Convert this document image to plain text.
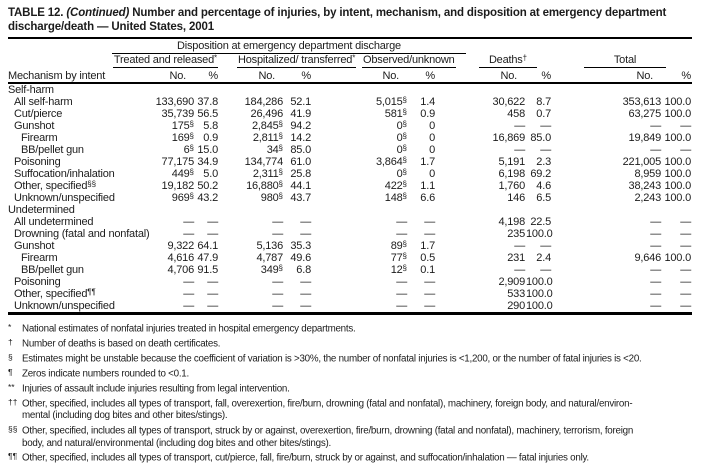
TABLE 12. (Continued) Number and percentage of injuries, by intent, mechanism, and disposition at emergency department
discharge/death — United States, 2001

	Disposition at emergency department discharge									

	Treated and released*		Hospitalized/ transferred*		Observed/unknown		Deaths†		Total	
Mechanism by intent	No.	%	No.	%	No.	%	No.	%	No.	%
Self-harm										
All self-harm	133,690	37.8	184,286	52.1	5,015§	1.4	30,622	8.7	353,613	100.0
Cut/pierce	35,739	56.5	26,496	41.9	581§	0.9	458	0.7	63,275	100.0
Gunshot	175§	5.8	2,845§	94.2	0§	0	—	—	—	—
Firearm	169§	0.9	2,811§	14.2	0§	0	16,869	85.0	19,849	100.0
BB/pellet gun	6§	15.0	34§	85.0	0§	0	—	—	—	—
Poisoning	77,175	34.9	134,774	61.0	3,864§	1.7	5,191	2.3	221,005	100.0
Suffocation/inhalation	449§	5.0	2,311§	25.8	0§	0	6,198	69.2	8,959	100.0
Other, specified§§	19,182	50.2	16,880§	44.1	422§	1.1	1,760	4.6	38,243	100.0
Unknown/unspecified	969§	43.2	980§	43.7	148§	6.6	146	6.5	2,243	100.0
Undetermined										
All undetermined	—	—	—	—	—	—	4,198	22.5	—	—
Drowning (fatal and nonfatal)	—	—	—	—	—	—	235	100.0	—	—
Gunshot	9,322	64.1	5,136	35.3	89§	1.7	—	—	—	—
Firearm	4,616	47.9	4,787	49.6	77§	0.5	231	2.4	9,646	100.0
BB/pellet gun	4,706	91.5	349§	6.8	12§	0.1	—	—	—	—
Poisoning	—	—	—	—	—	—	2,909	100.0	—	—
Other, specified¶¶	—	—	—	—	—	—	533	100.0	—	—
Unknown/unspecified	—	—	—	—	—	—	290	100.0	—	—
* National estimates of nonfatal injuries treated in hospital emergency departments.
† Number of deaths is based on death certificates.
§ Estimates might be unstable because the coefficient of variation is >30%, the number of nonfatal injuries is <1,200, or the number of fatal injuries is <20.
¶ Zeros indicate numbers rounded to <0.1.
** Injuries of assault include injuries resulting from legal intervention.
†† Other, specified, includes all types of transport, fall, overexertion, fire/burn, drowning (fatal and nonfatal), machinery, foreign body, and natural/environ-
mental (including dog bites and other bites/stings).
§§ Other, specified, includes all types of transport, struck by or against, overexertion, fire/burn, drowning (fatal and nonfatal), machinery, terrorism, foreign
body, and natural/environmental (including dog bites and other bites/stings).
¶¶ Other, specified, includes all types of transport, cut/pierce, fall, fire/burn, struck by or against, and suffocation/inhalation — fatal injuries only.
